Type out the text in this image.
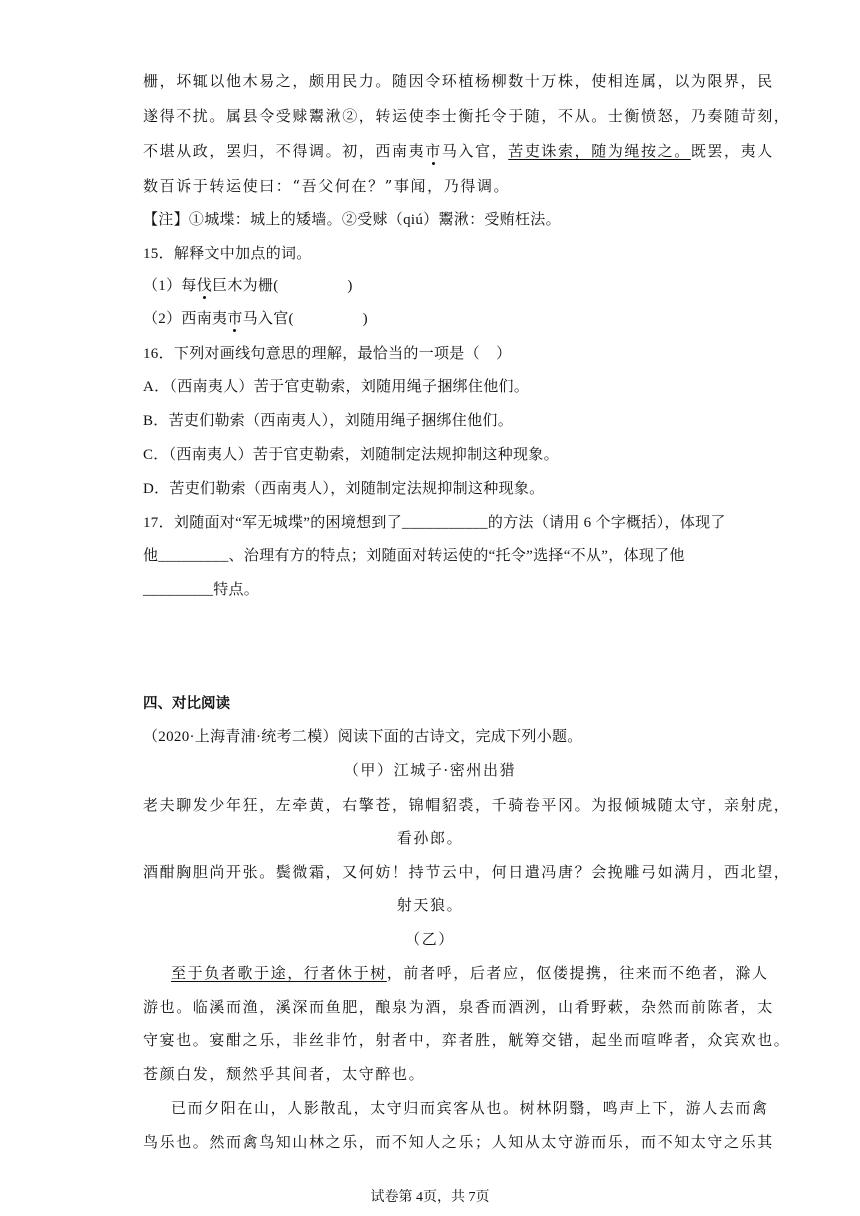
栅，坏辄以他木易之，颇用民力。随因令环植杨柳数十万株，使相连属，以为限界，民
遂得不扰。属县令受赇鬻湫②，转运使李士衡托令于随，不从。士衡愤怒，乃奏随苛刻，
不堪从政，罢归，不得调。初，西南夷市马入官，苦吏诛索，随为绳按之。既罢，夷人
数百诉于转运使曰：“吾父何在？”事闻，乃得调。
【注】①城堞：城上的矮墙。②受赇（qiú）鬻湫：受贿枉法。
15．解释文中加点的词。
（1）每伐巨木为栅(                 )
（2）西南夷市马入官(                 )
16．下列对画线句意思的理解，最恰当的一项是（    ）
A．（西南夷人）苦于官吏勒索，刘随用绳子捆绑住他们。
B．苦吏们勒索（西南夷人），刘随用绳子捆绑住他们。
C．（西南夷人）苦于官吏勒索，刘随制定法规抑制这种现象。
D．苦吏们勒索（西南夷人），刘随制定法规抑制这种现象。
17．刘随面对“军无城堞”的困境想到了___________的方法（请用 6 个字概括），体现了
他_________、治理有方的特点；刘随面对转运使的“托令”选择“不从”，体现了他
_________特点。
四、对比阅读
（2020·上海青浦·统考二模）阅读下面的古诗文，完成下列小题。
（甲）江城子·密州出猎
老夫聊发少年狂，左牵黄，右擎苍，锦帽貂裘，千骑卷平冈。为报倾城随太守，亲射虎，
看孙郎。
酒酣胸胆尚开张。鬓微霜，又何妨！持节云中，何日遣冯唐？会挽雕弓如满月，西北望，
射天狼。
（乙）
至于负者歌于途，行者休于树，前者呼，后者应，伛偻提携，往来而不绝者，滁人
游也。临溪而渔，溪深而鱼肥，酿泉为酒，泉香而酒洌，山肴野蔌，杂然而前陈者，太
守宴也。宴酣之乐，非丝非竹，射者中，弈者胜，觥筹交错，起坐而喧哗者，众宾欢也。
苍颜白发，颓然乎其间者，太守醉也。
已而夕阳在山，人影散乱，太守归而宾客从也。树林阴翳，鸣声上下，游人去而禽
鸟乐也。然而禽鸟知山林之乐，而不知人之乐；人知从太守游而乐，而不知太守之乐其
试卷第 4页，共 7页
